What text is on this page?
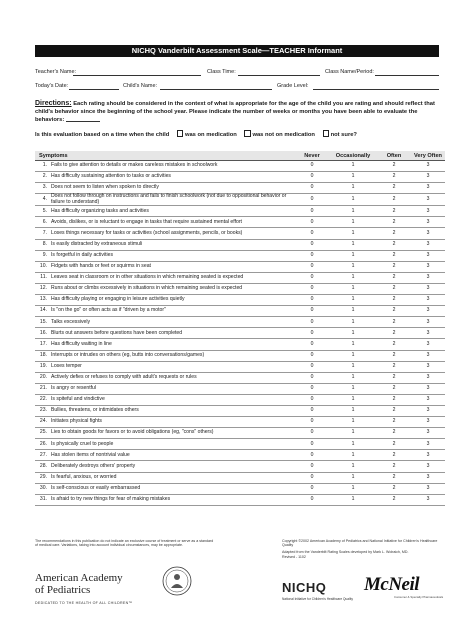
NICHQ Vanderbilt Assessment Scale—TEACHER Informant
Teacher's Name:	Class Time:	Class Name/Period:
Today's Date:	Child's Name:	Grade Level:
Directions: Each rating should be considered in the context of what is appropriate for the age of the child you are rating and should reflect that child's behavior since the beginning of the school year. Please indicate the number of weeks or months you have been able to evaluate the behaviors:
Is this evaluation based on a time when the child	was on medication	was not on medication	not sure?
Symptoms		Never	Occasionally	Often	Very Often
1.	Fails to give attention to details or makes careless mistakes in schoolwork	0	1	2	3
2.	Has difficulty sustaining attention to tasks or activities	0	1	2	3
3.	Does not seem to listen when spoken to directly	0	1	2	3
4.	Does not follow through on instructions and fails to finish schoolwork (not due to oppositional behavior or failure to understand)	0	1	2	3
5.	Has difficulty organizing tasks and activities	0	1	2	3
6.	Avoids, dislikes, or is reluctant to engage in tasks that require sustained mental effort	0	1	2	3
7.	Loses things necessary for tasks or activities (school assignments, pencils, or books)	0	1	2	3
8.	Is easily distracted by extraneous stimuli	0	1	2	3
9.	Is forgetful in daily activities	0	1	2	3
10.	Fidgets with hands or feet or squirms in seat	0	1	2	3
11.	Leaves seat in classroom or in other situations in which remaining seated is expected	0	1	2	3
12.	Runs about or climbs excessively in situations in which remaining seated is expected	0	1	2	3
13.	Has difficulty playing or engaging in leisure activities quietly	0	1	2	3
14.	Is "on the go" or often acts as if "driven by a motor"	0	1	2	3
15.	Talks excessively	0	1	2	3
16.	Blurts out answers before questions have been completed	0	1	2	3
17.	Has difficulty waiting in line	0	1	2	3
18.	Interrupts or intrudes on others (eg, butts into conversations/games)	0	1	2	3
19.	Loses temper	0	1	2	3
20.	Actively defies or refuses to comply with adult's requests or rules	0	1	2	3
21.	Is angry or resentful	0	1	2	3
22.	Is spiteful and vindictive	0	1	2	3
23.	Bullies, threatens, or intimidates others	0	1	2	3
24.	Initiates physical fights	0	1	2	3
25.	Lies to obtain goods for favors or to avoid obligations (eg, "cons" others)	0	1	2	3
26.	Is physically cruel to people	0	1	2	3
27.	Has stolen items of nontrivial value	0	1	2	3
28.	Deliberately destroys others' property	0	1	2	3
29.	Is fearful, anxious, or worried	0	1	2	3
30.	Is self-conscious or easily embarrassed	0	1	2	3
31.	Is afraid to try new things for fear of making mistakes	0	1	2	3
The recommendations in this publication do not indicate an exclusive course of treatment or serve as a standard of medical care. Variations, taking into account individual circumstances, may be appropriate.
Copyright ©2002 American Academy of Pediatrics and National Initiative for Children's Healthcare Quality
Adapted from the Vanderbilt Rating Scales developed by Mark L. Wolraich, MD.
Revised - 1102
American Academy
of Pediatrics
DEDICATED TO THE HEALTH OF ALL CHILDREN™
NICHQ
National Initiative for Children's Healthcare Quality
McNeil
Consumer & Specialty Pharmaceuticals
